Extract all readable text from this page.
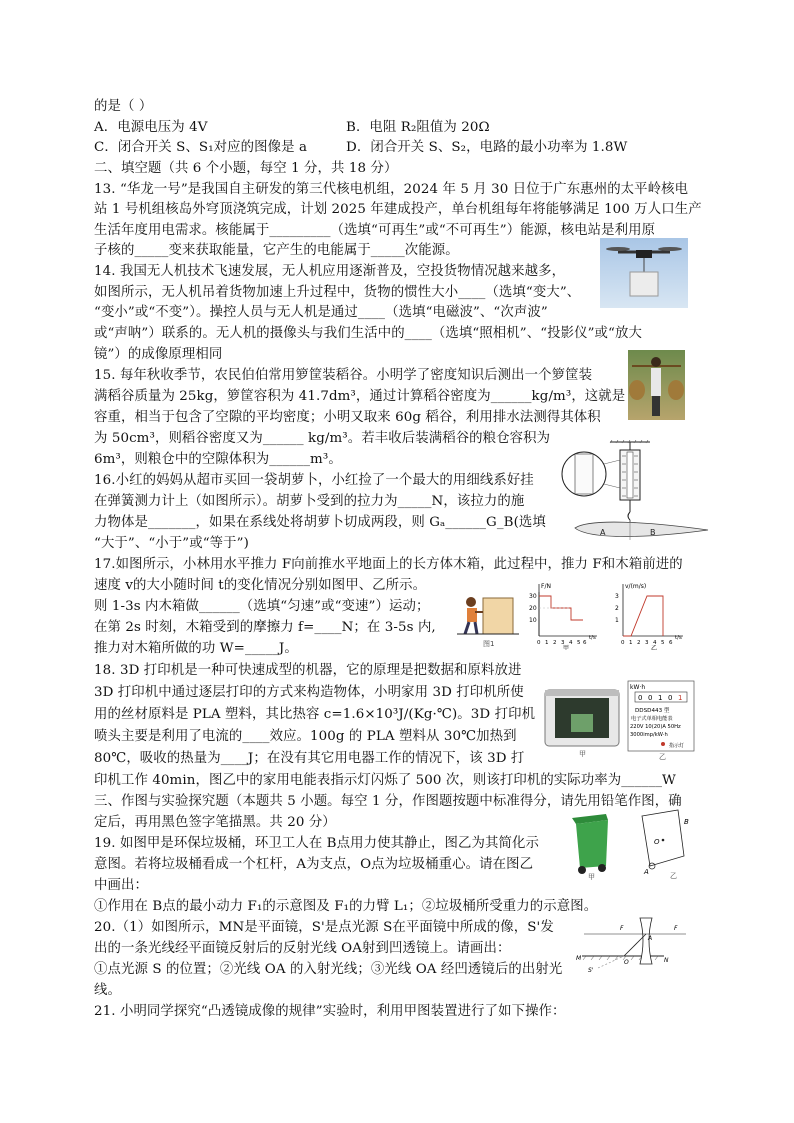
的是（ ）
A．电源电压为 4V	B．电阻 R₂阻值为 20Ω
C．闭合开关 S、S₁对应的图像是 a	D．闭合开关 S、S₂，电路的最小功率为 1.8W
二、填空题（共 6 个小题，每空 1 分，共 18 分）
13. “华龙一号”是我国自主研发的第三代核电机组，2024 年 5 月 30 日位于广东惠州的太平岭核电
站 1 号机组核岛外穹顶浇筑完成，计划 2025 年建成投产，单台机组每年将能够满足 100 万人口生产
生活年度用电需求。核能属于_________（选填“可再生”或“不可再生”）能源，核电站是利用原
子核的_____变来获取能量，它产生的电能属于_____次能源。
14. 我国无人机技术飞速发展，无人机应用逐渐普及，空投货物情况越来越多，
如图所示，无人机吊着货物加速上升过程中，货物的惯性大小____（选填“变大”、
“变小”或“不变”）。操控人员与无人机是通过____（选填“电磁波”、“次声波”
或“声呐”）联系的。无人机的摄像头与我们生活中的____（选填“照相机”、“投影仪”或“放大
镜”）的成像原理相同
15. 每年秋收季节，农民伯伯常用箩筐装稻谷。小明学了密度知识后测出一个箩筐装
满稻谷质量为 25kg，箩筐容积为 41.7dm³，通过计算稻谷密度为______kg/m³，这就是
容重，相当于包含了空隙的平均密度；小明又取来 60g 稻谷，利用排水法测得其体积
为 50cm³，则稻谷密度又为______ kg/m³。若丰收后装满稻谷的粮仓容积为
6m³，则粮仓中的空隙体积为______m³。
16.小红的妈妈从超市买回一袋胡萝卜，小红捡了一个最大的用细线系好挂
在弹簧测力计上（如图所示）。胡萝卜受到的拉力为_____N，该拉力的施
力物体是_______，如果在系线处将胡萝卜切成两段，则 Gₐ______G_B(选填
“大于”、“小于”或“等于”)
17.如图所示，小林用水平推力 F向前推水平地面上的长方体木箱，此过程中，推力 F和木箱前进的
速度 v的大小随时间 t的变化情况分别如图甲、乙所示。
则 1-3s 内木箱做______（选填“匀速”或“变速”）运动；
在第 2s 时刻，木箱受到的摩擦力 f=____N；在 3-5s 内,
推力对木箱所做的功 W=_____J。
18. 3D 打印机是一种可快速成型的机器，它的原理是把数据和原料放进
3D 打印机中通过逐层打印的方式来构造物体，小明家用 3D 打印机所使
用的丝材原料是 PLA 塑料，其比热容 c=1.6×10³J/(Kg·℃)。3D 打印机
喷头主要是利用了电流的____效应。100g 的 PLA 塑料从 30℃加热到
80℃，吸收的热量为____J；在没有其它用电器工作的情况下，该 3D 打
印机工作 40min，图乙中的家用电能表指示灯闪烁了 500 次，则该打印机的实际功率为______W
三、作图与实验探究题（本题共 5 小题。每空 1 分，作图题按题中标准得分，请先用铅笔作图，确
定后，再用黑色签字笔描黑。共 20 分）
19. 如图甲是环保垃圾桶，环卫工人在 B点用力使其静止，图乙为其简化示
意图。若将垃圾桶看成一个杠杆，A为支点，O点为垃圾桶重心。请在图乙
中画出：
①作用在 B点的最小动力 F₁的示意图及 F₁的力臂 L₁；②垃圾桶所受重力的示意图。
20.（1）如图所示，MN是平面镜，S'是点光源 S在平面镜中所成的像，S'发
出的一条光线经平面镜反射后的反射光线 OA射到凹透镜上。请画出：
①点光源 S 的位置；②光线 OA 的入射光线；③光线 OA 经凹透镜后的出射光
线。
21. 小明同学探究“凸透镜成像的规律”实验时，利用甲图装置进行了如下操作：
A	B
图1
F/N
30
20
10
0 1 2 3 4 5 6
t/s
甲
v/(m/s)
3
2
1
0 1 2 3 4 5 6
t/s
乙
甲
kW·h
0 0 1 0 1
DDSD443 型
电子式单相电能表
220V 10(20)A 50Hz
3000imp/kW·h
指示灯
乙
甲
B
O
A	乙
F	F
A
M	N
O
S'
